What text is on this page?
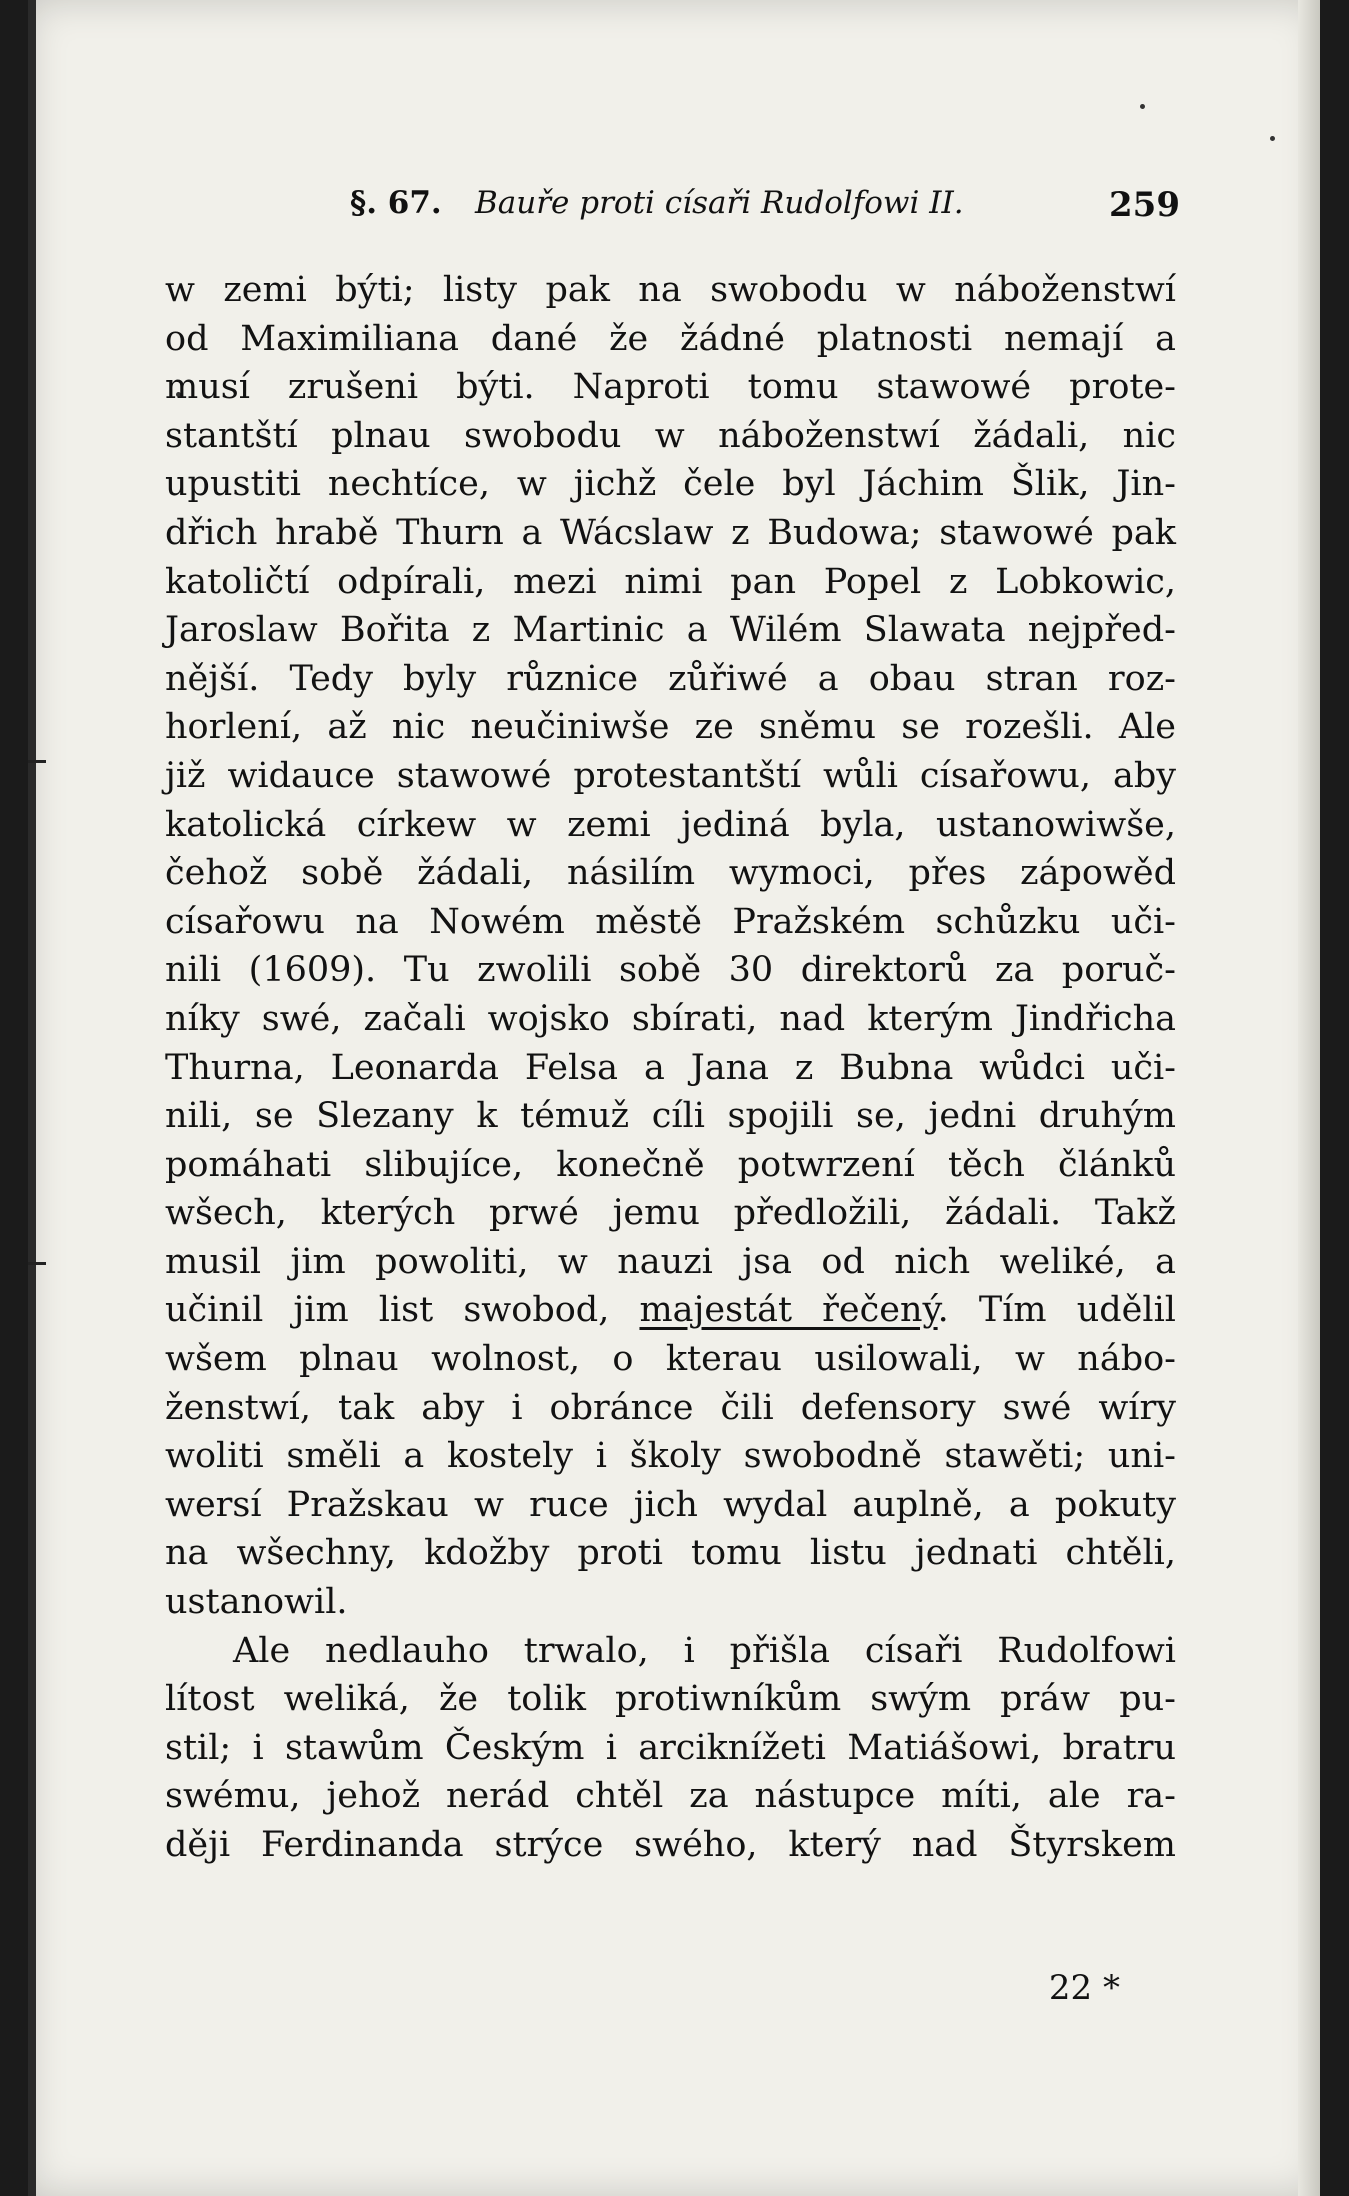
§. 67. Bauře proti císaři Rudolfowi II.	259
w zemi býti; listy pak na swobodu w náboženstwí
od Maximiliana dané že žádné platnosti nemají a
musí zrušeni býti. Naproti tomu stawowé prote-
stantští plnau swobodu w náboženstwí žádali, nic
upustiti nechtíce, w jichž čele byl Jáchim Šlik, Jin-
dřich hrabě Thurn a Wácslaw z Budowa; stawowé pak
katoličtí odpírali, mezi nimi pan Popel z Lobkowic,
Jaroslaw Bořita z Martinic a Wilém Slawata nejpřed-
nější. Tedy byly různice zůřiwé a obau stran roz-
horlení, až nic neučiniwše ze sněmu se rozešli. Ale
již widauce stawowé protestantští wůli císařowu, aby
katolická církew w zemi jediná byla, ustanowiwše,
čehož sobě žádali, násilím wymoci, přes zápowěd
císařowu na Nowém městě Pražském schůzku uči-
nili (1609). Tu zwolili sobě 30 direktorů za poruč-
níky swé, začali wojsko sbírati, nad kterým Jindřicha
Thurna, Leonarda Felsa a Jana z Bubna wůdci uči-
nili, se Slezany k témuž cíli spojili se, jedni druhým
pomáhati slibujíce, konečně potwrzení těch článků
wšech, kterých prwé jemu předložili, žádali. Takž
musil jim powoliti, w nauzi jsa od nich weliké, a
učinil jim list swobod, majestát řečený. Tím udělil
wšem plnau wolnost, o kterau usilowali, w nábo-
ženstwí, tak aby i obránce čili defensory swé wíry
woliti směli a kostely i školy swobodně stawěti; uni-
wersí Pražskau w ruce jich wydal auplně, a pokuty
na wšechny, kdožby proti tomu listu jednati chtěli,
ustanowil.
Ale nedlauho trwalo, i přišla císaři Rudolfowi
lítost weliká, že tolik protiwníkům swým práw pu-
stil; i stawům Českým i arciknížeti Matiášowi, bratru
swému, jehož nerád chtěl za nástupce míti, ale ra-
ději Ferdinanda strýce swého, který nad Štyrskem
22 *
